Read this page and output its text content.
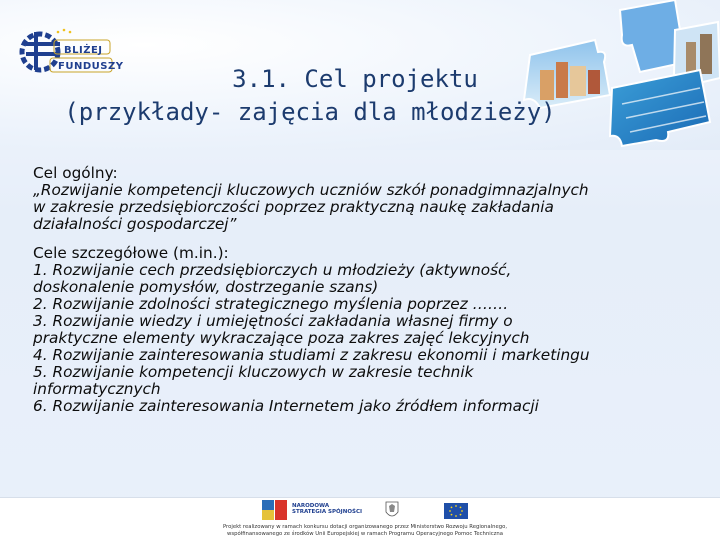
BLIŻEJ
FUNDUSZY	3.1. Cel projektu
(przykłady- zajęcia dla młodzieży)
Cel ogólny:
„Rozwijanie kompetencji kluczowych uczniów szkół ponadgimnazjalnych
w zakresie przedsiębiorczości poprzez praktyczną naukę zakładania
działalności gospodarczej”
Cele szczegółowe (m.in.):
1. Rozwijanie cech przedsiębiorczych u młodzieży (aktywność,
doskonalenie pomysłów, dostrzeganie szans)
2. Rozwijanie zdolności strategicznego myślenia poprzez …….
3. Rozwijanie wiedzy i umiejętności zakładania własnej firmy o
praktyczne elementy wykraczające poza zakres zajęć lekcyjnych
4. Rozwijanie zainteresowania studiami z zakresu ekonomii i marketingu
5. Rozwijanie kompetencji kluczowych w zakresie technik
informatycznych
6. Rozwijanie zainteresowania Internetem jako źródłem informacji
NARODOWA
STRATEGIA SPÓJNOŚCI
Projekt realizowany w ramach konkursu dotacji organizowanego przez Ministerstwo Rozwoju Regionalnego,
współfinansowanego ze środków Unii Europejskiej w ramach Programu Operacyjnego Pomoc Techniczna
